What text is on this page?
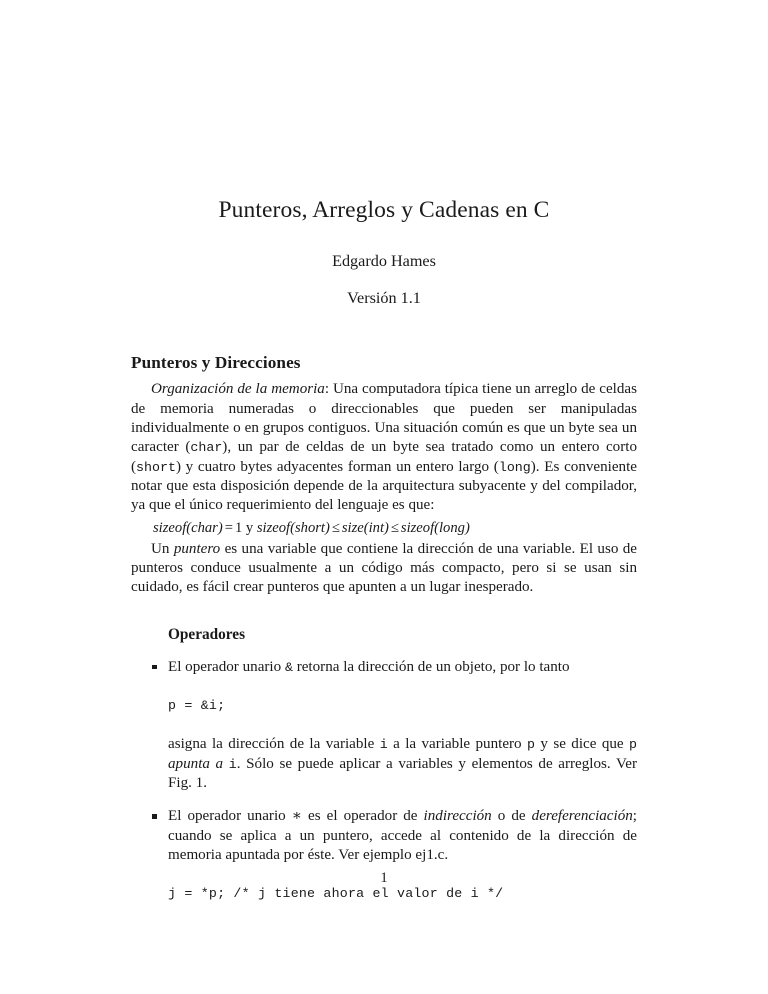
Punteros, Arreglos y Cadenas en C

Edgardo Hames

Versión 1.1

Punteros y Direcciones

Organización de la memoria: Una computadora típica tiene un arreglo de celdas de memoria numeradas o direccionables que pueden ser manipuladas individualmente o en grupos contiguos. Una situación común es que un byte sea un caracter (char), un par de celdas de un byte sea tratado como un entero corto (short) y cuatro bytes adyacentes forman un entero largo (long). Es conveniente notar que esta disposición depende de la arquitectura subyacente y del compilador, ya que el único requerimiento del lenguaje es que:

sizeof(char) = 1 y sizeof(short) ≤ size(int) ≤ sizeof(long)

Un puntero es una variable que contiene la dirección de una variable. El uso de punteros conduce usualmente a un código más compacto, pero si se usan sin cuidado, es fácil crear punteros que apunten a un lugar inesperado.

Operadores
El operador unario & retorna la dirección de un objeto, por lo tanto
p = &i;
asigna la dirección de la variable i a la variable puntero p y se dice que p apunta a i. Sólo se puede aplicar a variables y elementos de arreglos. Ver Fig. 1.
El operador unario ∗ es el operador de indirección o de dereferenciación; cuando se aplica a un puntero, accede al contenido de la dirección de memoria apuntada por éste. Ver ejemplo ej1.c.
j = *p; /* j tiene ahora el valor de i */
1
